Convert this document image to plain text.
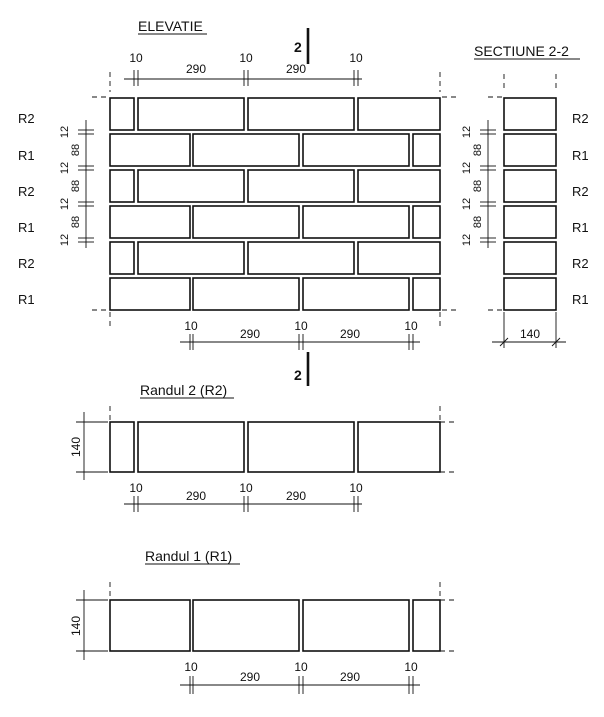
ELEVATIE
2
10
290
10
290
10
R2
R1
R2
R1
R2
R1
12
88
12
88
12
88
12
10
290
10
290
10
2
SECTIUNE 2-2
R2
R1
R2
R1
R2
R1
12
88
12
88
12
88
12
140
Randul 2 (R2)
140
10
290
10
290
10
Randul 1 (R1)
140
10
290
10
290
10
